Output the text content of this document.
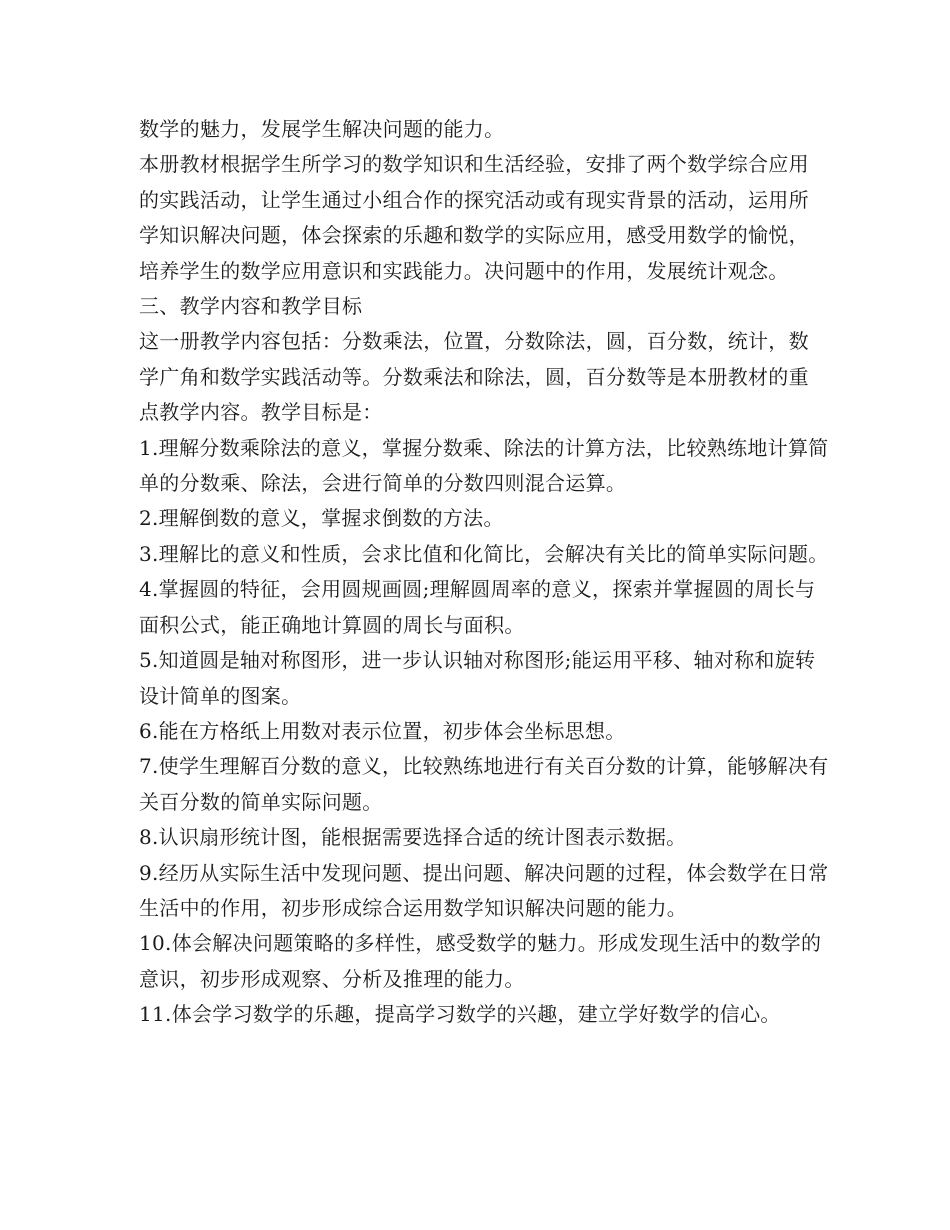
数学的魅力，发展学生解决问题的能力。

本册教材根据学生所学习的数学知识和生活经验，安排了两个数学综合应用的实践活动，让学生通过小组合作的探究活动或有现实背景的活动，运用所学知识解决问题，体会探索的乐趣和数学的实际应用，感受用数学的愉悦，培养学生的数学应用意识和实践能力。决问题中的作用，发展统计观念。

三、教学内容和教学目标

这一册教学内容包括：分数乘法，位置，分数除法，圆，百分数，统计，数学广角和数学实践活动等。分数乘法和除法，圆，百分数等是本册教材的重点教学内容。教学目标是：

1.理解分数乘除法的意义，掌握分数乘、除法的计算方法，比较熟练地计算简单的分数乘、除法，会进行简单的分数四则混合运算。

2.理解倒数的意义，掌握求倒数的方法。

3.理解比的意义和性质，会求比值和化简比，会解决有关比的简单实际问题。

4.掌握圆的特征，会用圆规画圆;理解圆周率的意义，探索并掌握圆的周长与面积公式，能正确地计算圆的周长与面积。

5.知道圆是轴对称图形，进一步认识轴对称图形;能运用平移、轴对称和旋转设计简单的图案。

6.能在方格纸上用数对表示位置，初步体会坐标思想。

7.使学生理解百分数的意义，比较熟练地进行有关百分数的计算，能够解决有关百分数的简单实际问题。

8.认识扇形统计图，能根据需要选择合适的统计图表示数据。

9.经历从实际生活中发现问题、提出问题、解决问题的过程，体会数学在日常生活中的作用，初步形成综合运用数学知识解决问题的能力。

10.体会解决问题策略的多样性，感受数学的魅力。形成发现生活中的数学的意识，初步形成观察、分析及推理的能力。

11.体会学习数学的乐趣，提高学习数学的兴趣，建立学好数学的信心。
